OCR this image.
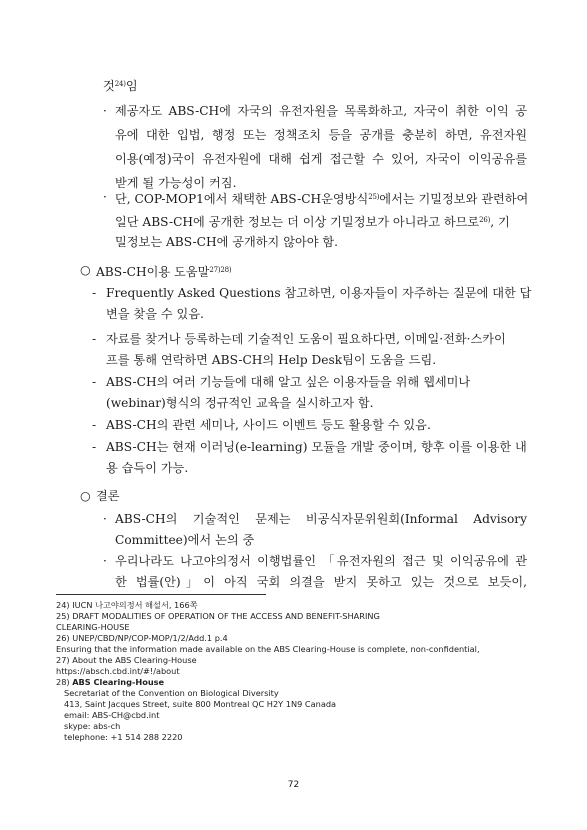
것$^{24)}$임
· 제공자도 ABS-CH에 자국의 유전자원을 목록화하고, 자국이 취한 이익 공
유에 대한 입법, 행정 또는 정책조치 등을 공개를 충분히 하면, 유전자원
이용(예정)국이 유전자원에 대해 쉽게 접근할 수 있어, 자국이 이익공유를
받게 될 가능성이 커짐.
· 단, COP-MOP1에서 채택한 ABS-CH운영방식$^{25)}$에서는 기밀정보와 관련하여
일단 ABS-CH에 공개한 정보는 더 이상 기밀정보가 아니라고 하므로$^{26)}$, 기
밀정보는 ABS-CH에 공개하지 않아야 함.
○ ABS-CH이용 도움말$^{27)28)}$
- Frequently Asked Questions 참고하면, 이용자들이 자주하는 질문에 대한 답
변을 찾을 수 있음.
- 자료를 찾거나 등록하는데 기술적인 도움이 필요하다면, 이메일·전화·스카이
프를 통해 연락하면 ABS-CH의 Help Desk팀이 도움을 드림.
- ABS-CH의 여러 기능들에 대해 알고 싶은 이용자들을 위해 웹세미나
(webinar)형식의 정규적인 교육을 실시하고자 함.
- ABS-CH의 관련 세미나, 사이드 이벤트 등도 활용할 수 있음.
- ABS-CH는 현재 이러닝(e-learning) 모듈을 개발 중이며, 향후 이를 이용한 내
용 습득이 가능.
○ 결론
· ABS-CH의 기술적인 문제는 비공식자문위원회(Informal Advisory
Committee)에서 논의 중
· 우리나라도 나고야의정서 이행법률인 「유전자원의 접근 및 이익공유에 관
한 법률(안)」이 아직 국회 의결을 받지 못하고 있는 것으로 보듯이,
24) IUCN 나고야의정서 해설서, 166쪽
25) DRAFT MODALITIES OF OPERATION OF THE ACCESS AND BENEFIT-SHARING
CLEARING-HOUSE
26) UNEP/CBD/NP/COP-MOP/1/2/Add.1 p.4
Ensuring that the information made available on the ABS Clearing-House is complete, non-confidential,
27) About the ABS Clearing-House
https://absch.cbd.int/#!/about
28) ABS Clearing-House
Secretariat of the Convention on Biological Diversity
413, Saint Jacques Street, suite 800 Montreal QC H2Y 1N9 Canada
email: ABS-CH@cbd.int
skype: abs-ch
telephone: +1 514 288 2220
72
